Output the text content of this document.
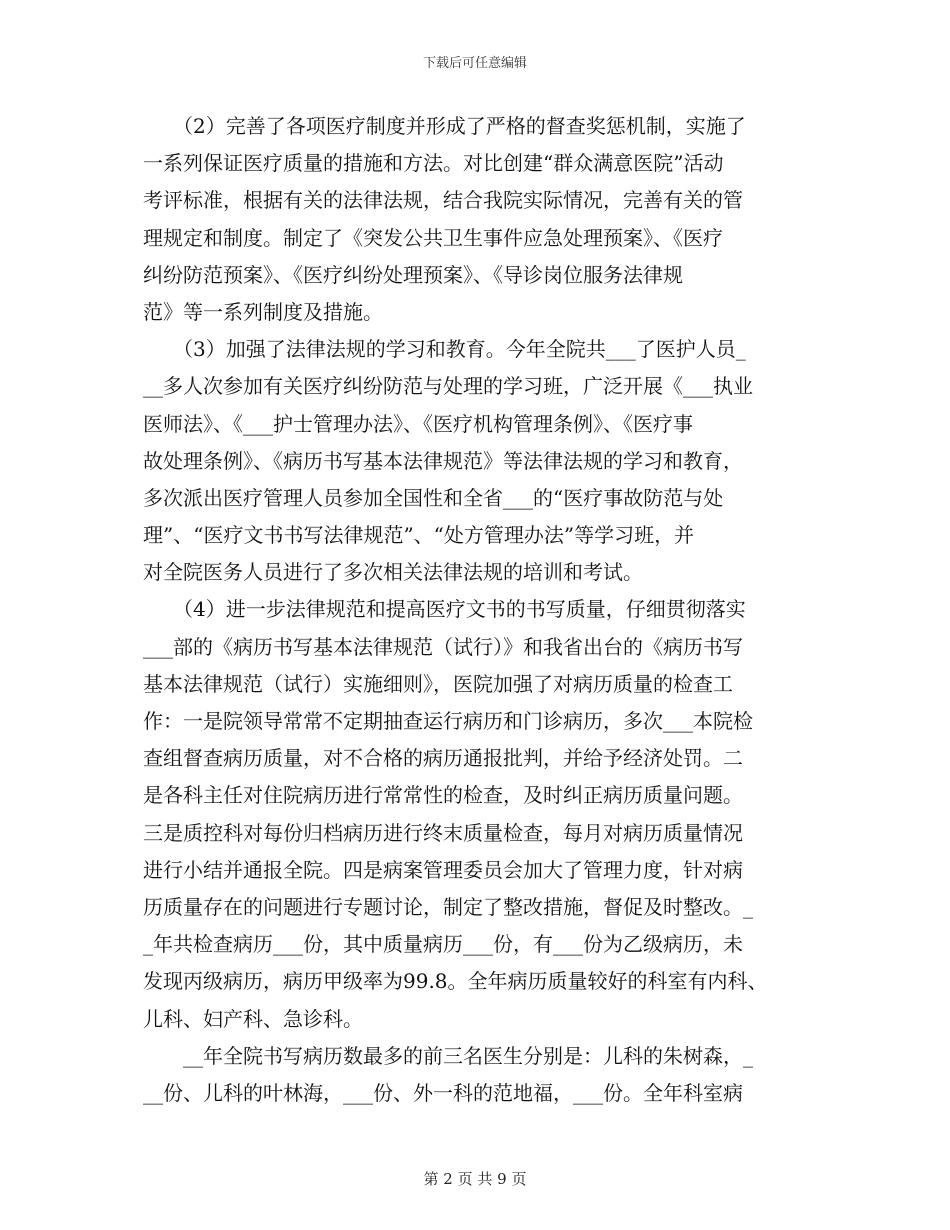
下载后可任意编辑
　　（2）完善了各项医疗制度并形成了严格的督查奖惩机制，实施了
一系列保证医疗质量的措施和方法。对比创建“群众满意医院”活动
考评标准，根据有关的法律法规，结合我院实际情况，完善有关的管
理规定和制度。制定了《突发公共卫生事件应急处理预案》、《医疗
纠纷防范预案》、《医疗纠纷处理预案》、《导诊岗位服务法律规
范》等一系列制度及措施。
　　（3）加强了法律法规的学习和教育。今年全院共___了医护人员_
__多人次参加有关医疗纠纷防范与处理的学习班，广泛开展《___执业
医师法》、《___护士管理办法》、《医疗机构管理条例》、《医疗事
故处理条例》、《病历书写基本法律规范》等法律法规的学习和教育，
多次派出医疗管理人员参加全国性和全省___的“医疗事故防范与处
理”、“医疗文书书写法律规范”、“处方管理办法”等学习班，并
对全院医务人员进行了多次相关法律法规的培训和考试。
　　（4）进一步法律规范和提高医疗文书的书写质量，仔细贯彻落实
___部的《病历书写基本法律规范（试行）》和我省出台的《病历书写
基本法律规范（试行）实施细则》，医院加强了对病历质量的检查工
作：一是院领导常常不定期抽查运行病历和门诊病历，多次___本院检
查组督查病历质量，对不合格的病历通报批判，并给予经济处罚。二
是各科主任对住院病历进行常常性的检查，及时纠正病历质量问题。
三是质控科对每份归档病历进行终末质量检查，每月对病历质量情况
进行小结并通报全院。四是病案管理委员会加大了管理力度，针对病
历质量存在的问题进行专题讨论，制定了整改措施，督促及时整改。_
_年共检查病历___份，其中质量病历___份，有___份为乙级病历，未
发现丙级病历，病历甲级率为99.8。全年病历质量较好的科室有内科、
儿科、妇产科、急诊科。
　　__年全院书写病历数最多的前三名医生分别是：儿科的朱树森，_
__份、儿科的叶林海，___份、外一科的范地福，___份。全年科室病
第 2 页 共 9 页
